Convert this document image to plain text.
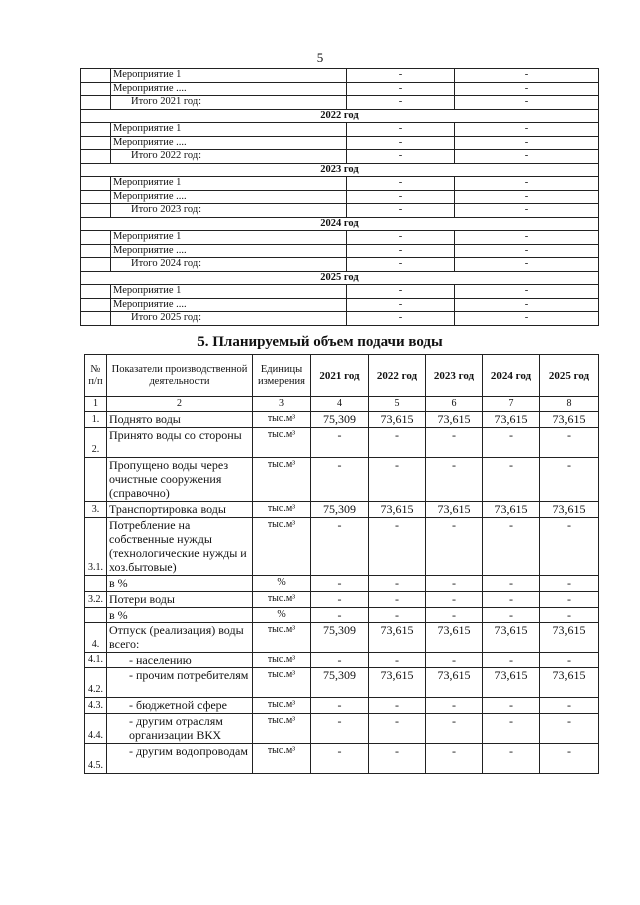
5
	Мероприятие 1	-	-
	Мероприятие ....	-	-
	Итого 2021 год:	-	-
2022 год			
	Мероприятие 1	-	-
	Мероприятие ....	-	-
	Итого 2022 год:	-	-
2023 год			
	Мероприятие 1	-	-
	Мероприятие ....	-	-
	Итого 2023 год:	-	-
2024 год			
	Мероприятие 1	-	-
	Мероприятие ....	-	-
	Итого 2024 год:	-	-
2025 год			
	Мероприятие 1	-	-
	Мероприятие ....	-	-
	Итого 2025 год:	-	-
5. Планируемый объем подачи воды
№ п/п	Показатели производственной деятельности	Единицы измерения	2021 год	2022 год	2023 год	2024 год	2025 год
1	2	3	4	5	6	7	8
1.	Поднято воды	тыс.м³	75,309	73,615	73,615	73,615	73,615
2.	Принято воды со стороны	тыс.м³	-	-	-	-	-
	Пропущено воды через очистные сооружения (справочно)	тыс.м³	-	-	-	-	-
3.	Транспортировка воды	тыс.м³	75,309	73,615	73,615	73,615	73,615
3.1.	Потребление на собственные нужды (технологические нужды и хоз.бытовые)	тыс.м³	-	-	-	-	-
	в %	%	-	-	-	-	-
3.2.	Потери воды	тыс.м³	-	-	-	-	-
	в %	%	-	-	-	-	-
4.	Отпуск (реализация) воды всего:	тыс.м³	75,309	73,615	73,615	73,615	73,615
4.1.	- населению	тыс.м³	-	-	-	-	-
4.2.	- прочим потребителям	тыс.м³	75,309	73,615	73,615	73,615	73,615
4.3.	- бюджетной сфере	тыс.м³	-	-	-	-	-
4.4.	- другим отраслям организации ВКХ	тыс.м³	-	-	-	-	-
4.5.	- другим водопроводам	тыс.м³	-	-	-	-	-
